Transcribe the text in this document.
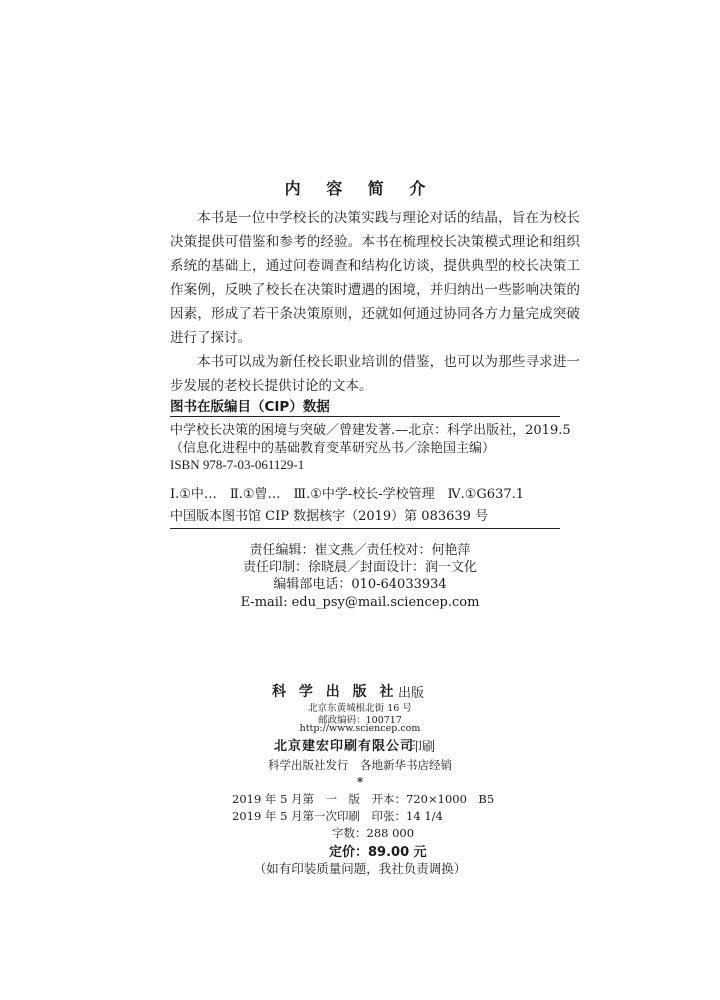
内 容 简 介

本书是一位中学校长的决策实践与理论对话的结晶，旨在为校长决策提供可借鉴和参考的经验。本书在梳理校长决策模式理论和组织系统的基础上，通过问卷调查和结构化访谈，提供典型的校长决策工作案例，反映了校长在决策时遭遇的困境，并归纳出一些影响决策的因素，形成了若干条决策原则，还就如何通过协同各方力量完成突破进行了探讨。

本书可以成为新任校长职业培训的借鉴，也可以为那些寻求进一步发展的老校长提供讨论的文本。

图书在版编目（CIP）数据
中学校长决策的困境与突破／曾建发著.—北京：科学出版社，2019.5
（信息化进程中的基础教育变革研究丛书／涂艳国主编）
ISBN 978-7-03-061129-1
Ⅰ.①中…　Ⅱ.①曾…　Ⅲ.①中学-校长-学校管理　Ⅳ.①G637.1
中国版本图书馆 CIP 数据核字（2019）第 083639 号
责任编辑：崔文燕／责任校对：何艳萍
责任印制：徐晓晨／封面设计：润一文化
编辑部电话：010-64033934
E-mail: edu_psy@mail.sciencep.com
科 学 出 版 社 出版
北京东黄城根北街 16 号
邮政编码：100717
http://www.sciencep.com
北京建宏印刷有限公司
印刷
科学出版社发行　各地新华书店经销
*
2019 年 5 月第　一　版　开本：720×1000　B5
2019 年 5 月第一次印刷　印张：14 1/4
字数：288 000
定价：89.00 元
（如有印装质量问题，我社负责调换）
